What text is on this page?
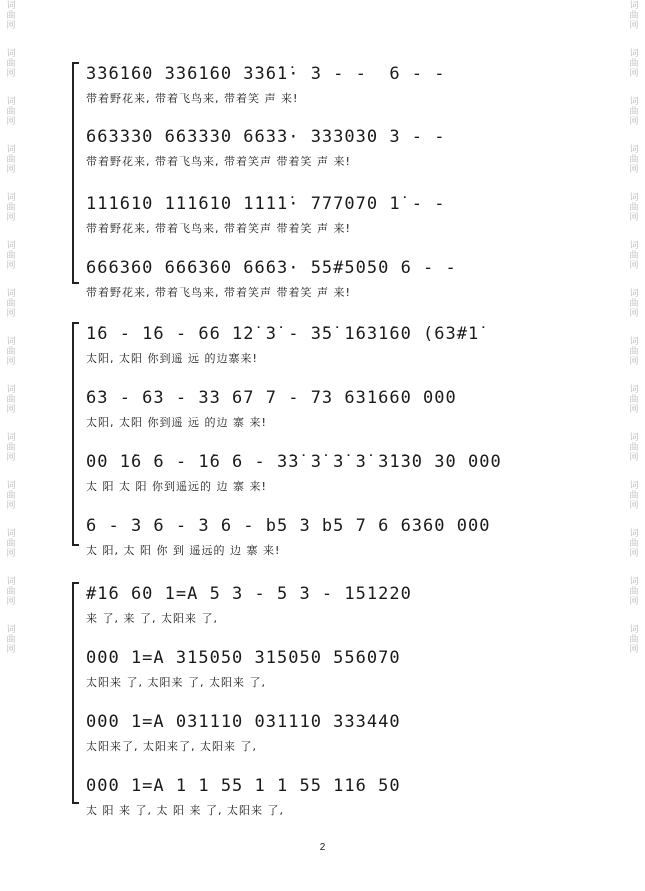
词
曲
网
词
曲
网
词
曲
网
词
曲
网
词
曲
网
词
曲
网
词
曲
网
词
曲
网
词
曲
网
词
曲
网
词
曲
网
词
曲
网
词
曲
网
词
曲
网
词
曲
网
词
曲
网
词
曲
网
词
曲
网
词
曲
网
词
曲
网
词
曲
网
词
曲
网
词
曲
网
词
曲
网
词
曲
网
词
曲
网
词
曲
网
词
曲
网
3̇3̇6̇1̇60 3̇3̇6̇1̇60 3̇3̇6̇1̇· 3 - -  6 - -
带着野花来, 带着飞鸟来, 带着笑 声 来!
663330 663330 6633· 333030 3 - -
带着野花来, 带着飞鸟来, 带着笑声 带着笑 声 来!
1̇1̇1̇610 1̇1̇1̇610 1̇1̇1̇1̇· 777070 1̇ - -
带着野花来, 带着飞鸟来, 带着笑声 带着笑 声 来!
666360 666360 6663· 55#5050 6 - -
带着野花来, 带着飞鸟来, 带着笑声 带着笑 声 来!
1̇6 - 1̇6 - 66 1̇2̇ 3̇ - 3̇5̇ 1̇63̇1̇60 (63#1̇
太阳, 太阳 你到遥 远 的边寨来!
63 - 63 - 33 67 7 - 73 631660 000
太阳, 太阳 你到遥 远 的边 寨 来!
00 1̇6 6 - 1̇6 6 - 3̇3̇ 3̇ 3̇ 3̇ 3̇1̇3̇0 3̇0 000
太 阳 太 阳 你到遥远的 边 寨 来!
6 - 3 6 - 3 6 - b5 3 b5 7 6 6360 000
太 阳, 太 阳 你 到 遥远的 边 寨 来!
#1̇6 60 1=A 5 3 - 5 3 - 151220
来 了, 来 了, 太阳来 了,
000 1=A 315050 315050 556070
太阳来 了, 太阳来 了, 太阳来 了,
000 1=A 031110 031110 333440
太阳来了, 太阳来了, 太阳来 了,
000 1=A 1 1 55 1 1 55 116 50
太 阳 来 了, 太 阳 来 了, 太阳来 了,
2
